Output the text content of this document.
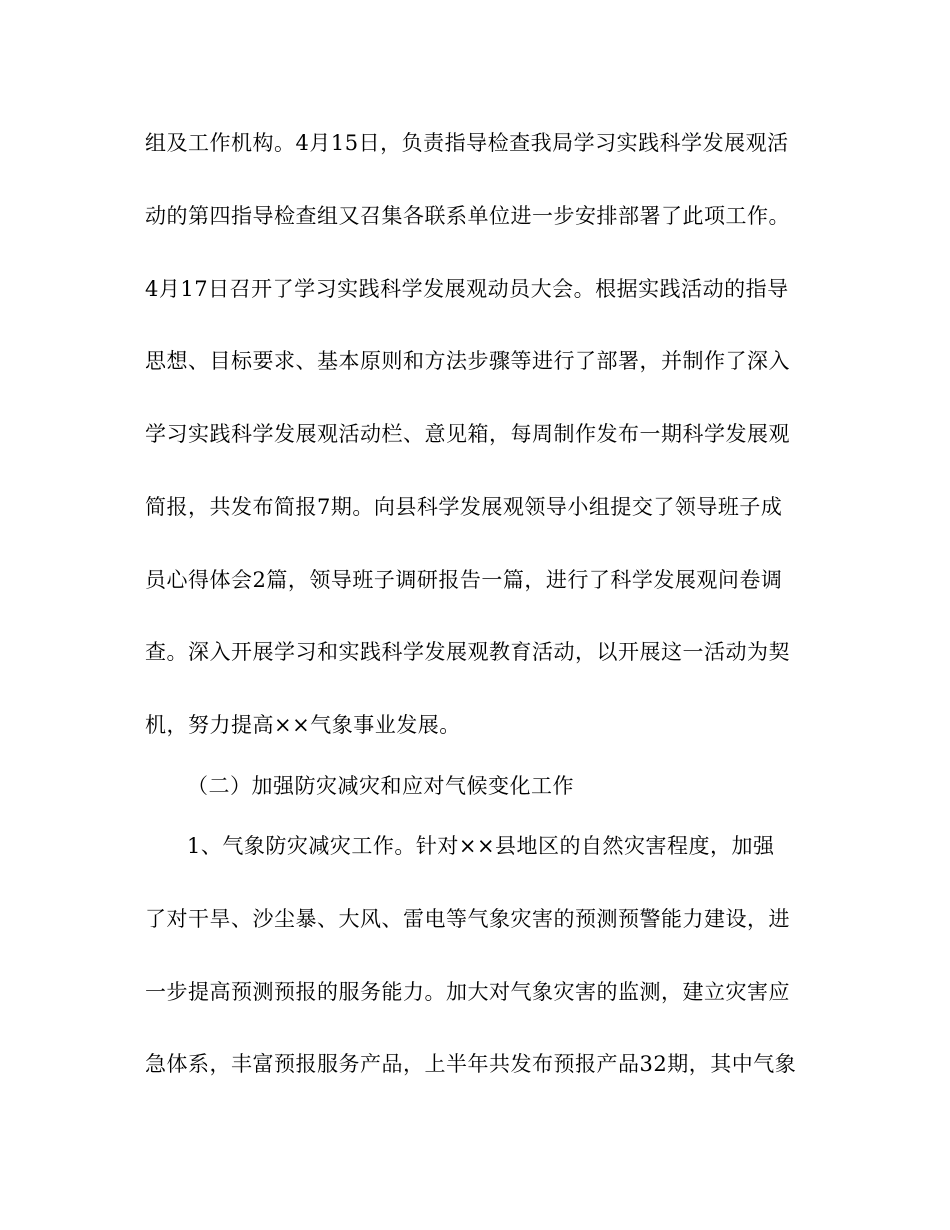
组及工作机构。4月15日，负责指导检查我局学习实践科学发展观活
动的第四指导检查组又召集各联系单位进一步安排部署了此项工作。
4月17日召开了学习实践科学发展观动员大会。根据实践活动的指导
思想、目标要求、基本原则和方法步骤等进行了部署，并制作了深入
学习实践科学发展观活动栏、意见箱，每周制作发布一期科学发展观
简报，共发布简报7期。向县科学发展观领导小组提交了领导班子成
员心得体会2篇，领导班子调研报告一篇，进行了科学发展观问卷调
查。深入开展学习和实践科学发展观教育活动，以开展这一活动为契
机，努力提高××气象事业发展。
（二）加强防灾减灾和应对气候变化工作
1、气象防灾减灾工作。针对××县地区的自然灾害程度，加强
了对干旱、沙尘暴、大风、雷电等气象灾害的预测预警能力建设，进
一步提高预测预报的服务能力。加大对气象灾害的监测，建立灾害应
急体系，丰富预报服务产品，上半年共发布预报产品32期，其中气象
